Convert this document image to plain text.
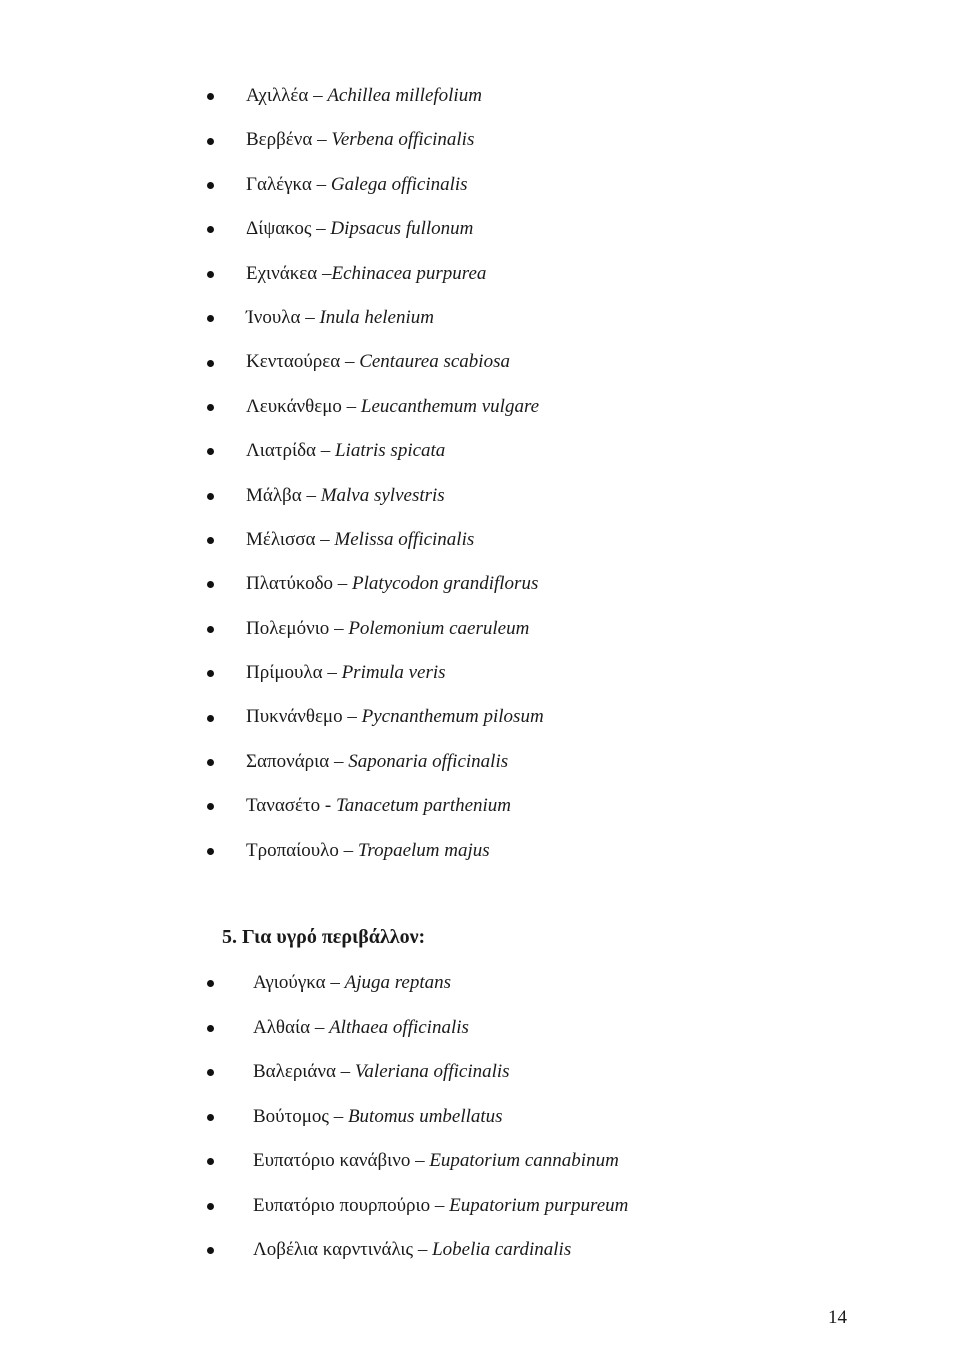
Αχιλλέα – Achillea millefolium
Βερβένα – Verbena officinalis
Γαλέγκα – Galega officinalis
Δίψακος – Dipsacus fullonum
Εχινάκεα –Echinacea purpurea
Ίνουλα – Inula helenium
Κενταούρεα – Centaurea scabiosa
Λευκάνθεμο – Leucanthemum vulgare
Λιατρίδα – Liatris spicata
Μάλβα – Malva sylvestris
Μέλισσα – Melissa officinalis
Πλατύκοδο – Platycodon grandiflorus
Πολεμόνιο – Polemonium caeruleum
Πρίμουλα – Primula veris
Πυκνάνθεμο – Pycnanthemum pilosum
Σαπονάρια – Saponaria officinalis
Τανασέτο - Tanacetum parthenium
Τροπαίουλο – Tropaelum majus
5. Για υγρό περιβάλλον:
Αγιούγκα – Ajuga reptans
Αλθαία – Althaea officinalis
Βαλεριάνα – Valeriana officinalis
Βούτομος – Butomus umbellatus
Ευπατόριο κανάβινο – Eupatorium cannabinum
Ευπατόριο πουρπούριο – Eupatorium purpureum
Λοβέλια καρντινάλις – Lobelia cardinalis
14
